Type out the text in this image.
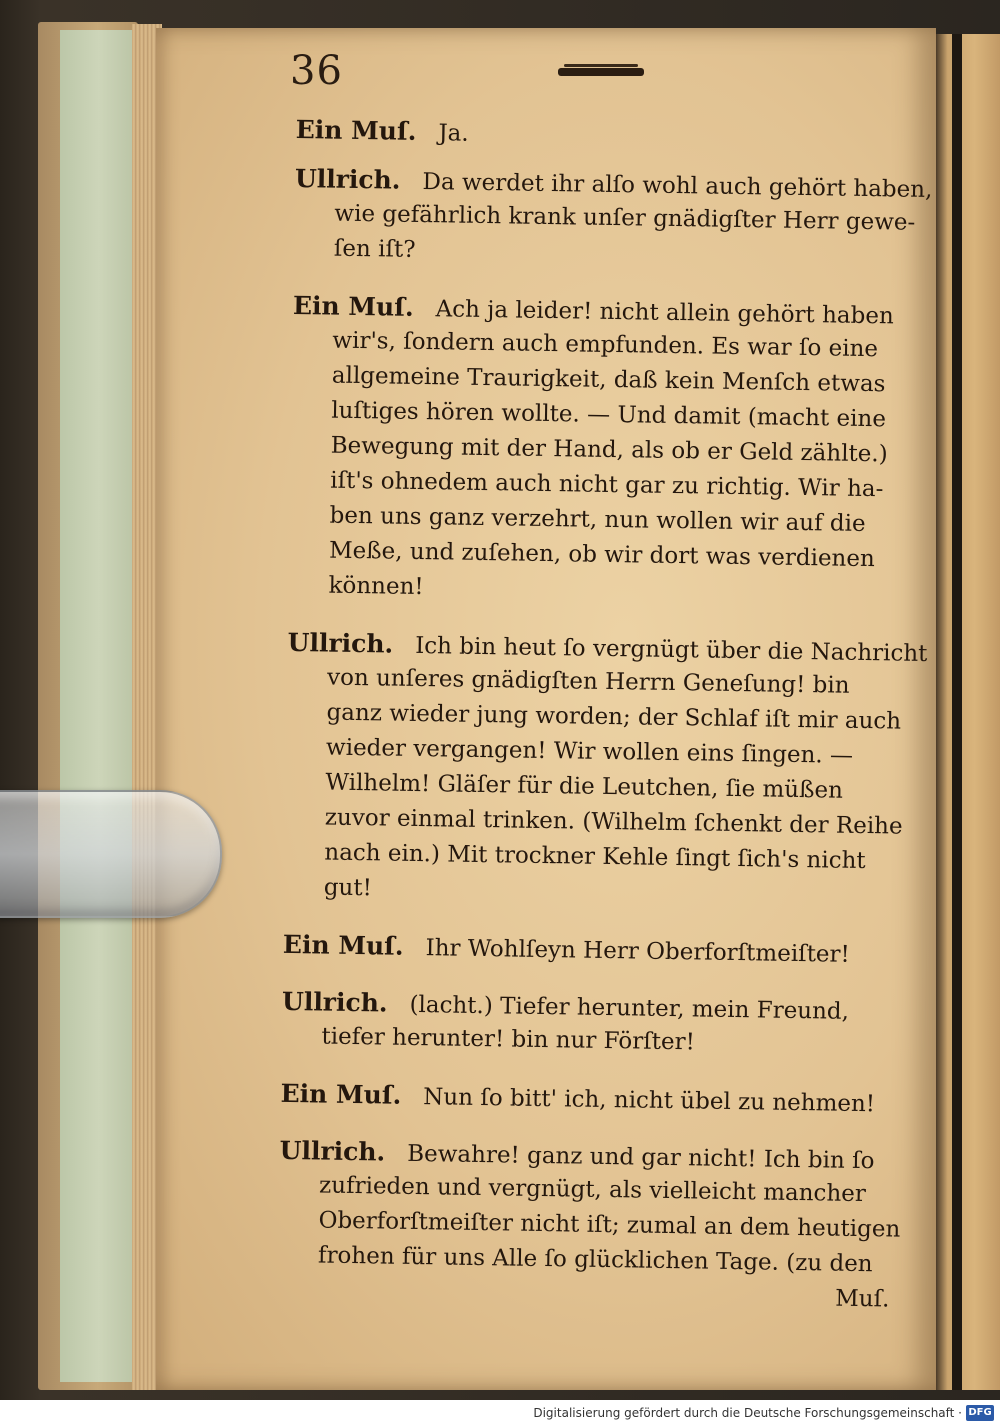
36
Ein Muſ. Ja.
Ullrich. Da werdet ihr alſo wohl auch gehört haben,
wie gefährlich krank unſer gnädigſter Herr gewe-
ſen iſt?
Ein Muſ. Ach ja leider! nicht allein gehört haben
wir's, ſondern auch empfunden. Es war ſo eine
allgemeine Traurigkeit, daß kein Menſch etwas
luſtiges hören wollte. — Und damit (macht eine
Bewegung mit der Hand, als ob er Geld zählte.)
iſt's ohnedem auch nicht gar zu richtig. Wir ha-
ben uns ganz verzehrt, nun wollen wir auf die
Meße, und zuſehen, ob wir dort was verdienen
können!
Ullrich. Ich bin heut ſo vergnügt über die Nachricht
von unſeres gnädigſten Herrn Geneſung! bin
ganz wieder jung worden; der Schlaf iſt mir auch
wieder vergangen! Wir wollen eins ſingen. —
Wilhelm! Gläſer für die Leutchen, ſie müßen
zuvor einmal trinken. (Wilhelm ſchenkt der Reihe
nach ein.) Mit trockner Kehle ſingt ſich's nicht
gut!
Ein Muſ. Ihr Wohlſeyn Herr Oberforſtmeiſter!
Ullrich. (lacht.) Tiefer herunter, mein Freund,
tiefer herunter! bin nur Förſter!
Ein Muſ. Nun ſo bitt' ich, nicht übel zu nehmen!
Ullrich. Bewahre! ganz und gar nicht! Ich bin ſo
zufrieden und vergnügt, als vielleicht mancher
Oberforſtmeiſter nicht iſt; zumal an dem heutigen
frohen für uns Alle ſo glücklichen Tage. (zu den
Muſ.
Digitalisierung gefördert durch die Deutsche Forschungsgemeinschaft · DFG
